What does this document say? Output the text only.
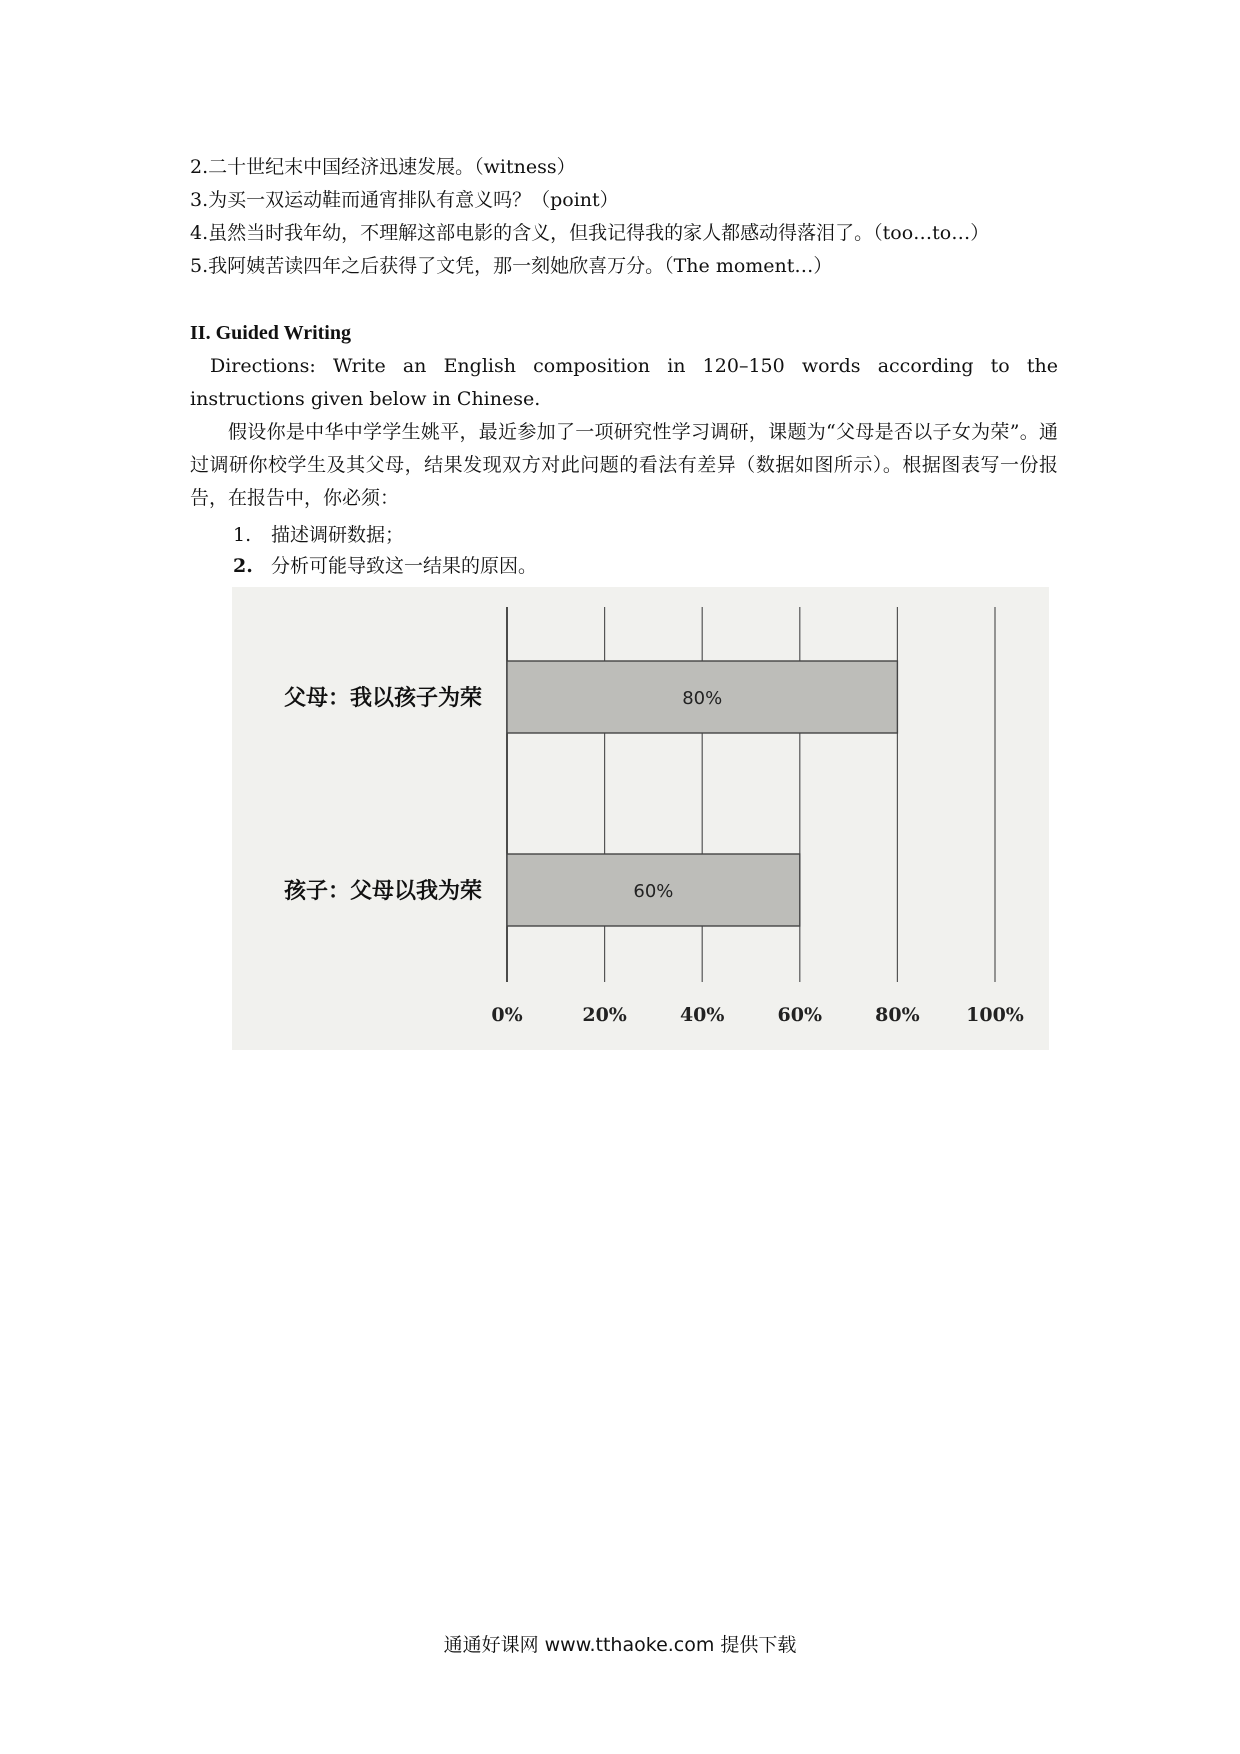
2.二十世纪末中国经济迅速发展。（witness）
3.为买一双运动鞋而通宵排队有意义吗？（point）
4.虽然当时我年幼，不理解这部电影的含义，但我记得我的家人都感动得落泪了。（too…to…）
5.我阿姨苦读四年之后获得了文凭，那一刻她欣喜万分。（The moment…）
II. Guided Writing
Directions: Write an English composition in 120–150 words according to the instructions given below in Chinese.
假设你是中华中学学生姚平，最近参加了一项研究性学习调研，课题为“父母是否以子女为荣”。通过调研你校学生及其父母，结果发现双方对此问题的看法有差异（数据如图所示）。根据图表写一份报告，在报告中，你必须：
1. 描述调研数据；
2. 分析可能导致这一结果的原因。
80%
父母：我以孩子为荣
60%
孩子：父母以我为荣
0%	20%	40%	60%	80% 100%
通通好课网 www.tthaoke.com 提供下载
